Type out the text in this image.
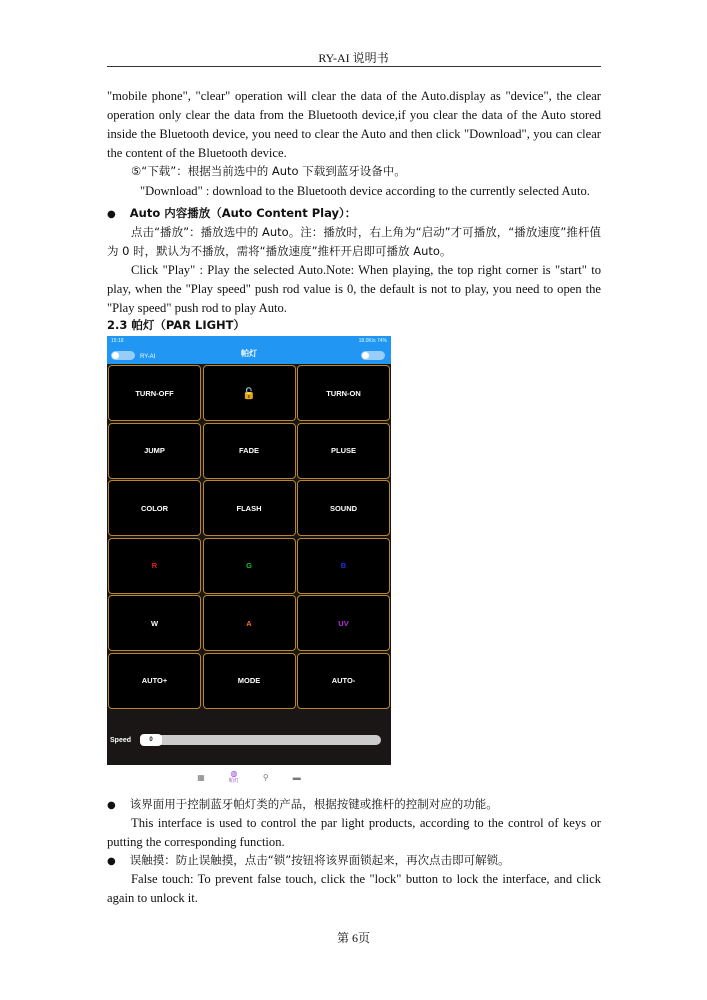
RY-AI 说明书
"mobile phone", "clear" operation will clear the data of the Auto.display as "device", the clear operation only clear the data from the Bluetooth device,if you clear the data of the Auto stored inside the Bluetooth device, you need to clear the Auto and then click "Download", you can clear the content of the Bluetooth device.
⑤“下载”：根据当前选中的 Auto 下载到蓝牙设备中。
"Download" : download to the Bluetooth device according to the currently selected Auto.
● Auto 内容播放（Auto Content Play）：
点击“播放”：播放选中的 Auto。注：播放时，右上角为“启动”才可播放，“播放速度”推杆值为 0 时，默认为不播放，需将“播放速度”推杆开启即可播放 Auto。
Click "Play" : Play the selected Auto.Note: When playing, the top right corner is "start" to play, when the "Play speed" push rod value is 0, the default is not to play, you need to open the "Play speed" push rod to play Auto.
2.3 帕灯（PAR LIGHT）
15:18	18.0K/s 74%
RY-AI	帕灯
TURN-OFF	🔓	TURN-ON
JUMP	FADE	PLUSE
COLOR	FLASH	SOUND
R	G	B
W	A	UV
AUTO+	MODE	AUTO-
Speed	0
▦	◍
帕灯	⚲	▬
● 该界面用于控制蓝牙帕灯类的产品，根据按键或推杆的控制对应的功能。
This interface is used to control the par light products, according to the control of keys or putting the corresponding function.
● 误触摸：防止误触摸，点击“锁”按钮将该界面锁起来，再次点击即可解锁。
False touch: To prevent false touch, click the "lock" button to lock the interface, and click again to unlock it.
第 6页
